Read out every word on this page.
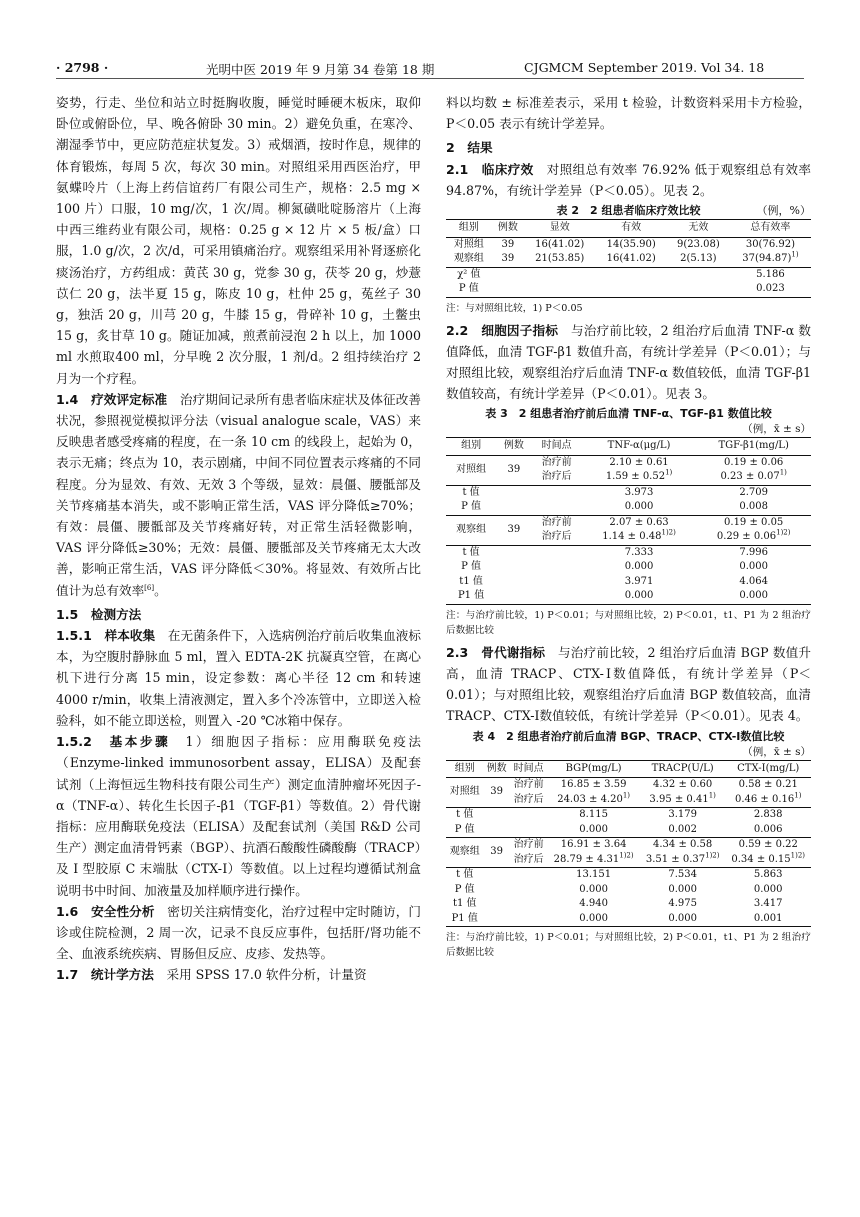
· 2798 ·	光明中医 2019 年 9 月第 34 卷第 18 期	CJGMCM September 2019. Vol 34. 18

姿势，行走、坐位和站立时挺胸收腹，睡觉时睡硬木板床，取仰卧位或俯卧位，早、晚各俯卧 30 min。2）避免负重，在寒冷、潮湿季节中，更应防范症状复发。3）戒烟酒，按时作息，规律的体育锻炼，每周 5 次，每次 30 min。对照组采用西医治疗，甲氨蝶呤片（上海上药信谊药厂有限公司生产，规格：2.5 mg × 100 片）口服，10 mg/次，1 次/周。柳氮磺吡啶肠溶片（上海中西三维药业有限公司，规格：0.25 g × 12 片 × 5 板/盒）口服，1.0 g/次，2 次/d，可采用镇痛治疗。观察组采用补肾逐瘀化痰汤治疗，方药组成：黄芪 30 g，党参 30 g，茯苓 20 g，炒薏苡仁 20 g，法半夏 15 g，陈皮 10 g，杜仲 25 g，菟丝子 30 g，独活 20 g，川芎 20 g，牛膝 15 g，骨碎补 10 g，土鳖虫 15 g，炙甘草 10 g。随证加减，煎煮前浸泡 2 h 以上，加 1000 ml 水煎取400 ml，分早晚 2 次分服，1 剂/d。2 组持续治疗 2 月为一个疗程。

1.4　疗效评定标准　治疗期间记录所有患者临床症状及体征改善状况，参照视觉模拟评分法（visual analogue scale，VAS）来反映患者感受疼痛的程度，在一条 10 cm 的线段上，起始为 0，表示无痛；终点为 10，表示剧痛，中间不同位置表示疼痛的不同程度。分为显效、有效、无效 3 个等级，显效：晨僵、腰骶部及关节疼痛基本消失，或不影响正常生活，VAS 评分降低≥70%；有效：晨僵、腰骶部及关节疼痛好转，对正常生活轻微影响，VAS 评分降低≥30%；无效：晨僵、腰骶部及关节疼痛无太大改善，影响正常生活，VAS 评分降低＜30%。将显效、有效所占比值计为总有效率[6]。

1.5　检测方法

1.5.1　样本收集　在无菌条件下，入选病例治疗前后收集血液标本，为空腹肘静脉血 5 ml，置入 EDTA-2K 抗凝真空管，在离心机下进行分离 15 min，设定参数：离心半径 12 cm 和转速 4000 r/min，收集上清液测定，置入多个冷冻管中，立即送入检验科，如不能立即送检，则置入 -20 ℃冰箱中保存。

1.5.2　基本步骤　1）细胞因子指标：应用酶联免疫法（Enzyme-linked immunosorbent assay，ELISA）及配套试剂（上海恒远生物科技有限公司生产）测定血清肿瘤坏死因子-α（TNF-α）、转化生长因子-β1（TGF-β1）等数值。2）骨代谢指标：应用酶联免疫法（ELISA）及配套试剂（美国 R&D 公司生产）测定血清骨钙素（BGP）、抗酒石酸酸性磷酸酶（TRACP）及 I 型胶原 C 末端肽（CTX-Ⅰ）等数值。以上过程均遵循试剂盒说明书中时间、加液量及加样顺序进行操作。

1.6　安全性分析　密切关注病情变化，治疗过程中定时随访，门诊或住院检测，2 周一次，记录不良反应事件，包括肝/肾功能不全、血液系统疾病、胃肠但反应、皮疹、发热等。

1.7　统计学方法　采用 SPSS 17.0 软件分析，计量资

料以均数 ± 标准差表示，采用 t 检验，计数资料采用卡方检验，P＜0.05 表示有统计学差异。

2　结果

2.1　临床疗效　对照组总有效率 76.92% 低于观察组总有效率 94.87%，有统计学差异（P＜0.05）。见表 2。

表 2　2 组患者临床疗效比较	（例，%）
组别	例数	显效	有效	无效	总有效率
对照组	39	16(41.02)	14(35.90)	9(23.08)	30(76.92)
观察组	39	21(53.85)	16(41.02)	2(5.13)	$37(94.87)^{1)}$
χ² 值					5.186
P 值					0.023

注：与对照组比较，1) P＜0.05

2.2　细胞因子指标　与治疗前比较，2 组治疗后血清 TNF-α 数值降低，血清 TGF-β1 数值升高，有统计学差异（P＜0.01）；与对照组比较，观察组治疗后血清 TNF-α 数值较低，血清 TGF-β1 数值较高，有统计学差异（P＜0.01）。见表 3。

表 3　2 组患者治疗前后血清 TNF-α、TGF-β1 数值比较
（例，x̄ ± s）
组别	例数	时间点	TNF-α(μg/L)	TGF-β1(mg/L)
对照组	39	治疗前	2.10 ± 0.61	0.19 ± 0.06
		治疗后	$1.59 \pm 0.52^{1)}$	$0.23 \pm 0.07^{1)}$
t 值			3.973	2.709
P 值			0.000	0.008
观察组	39	治疗前	2.07 ± 0.63	0.19 ± 0.05
		治疗后	$1.14 \pm 0.48^{1)2)}$	$0.29 \pm 0.06^{1)2)}$
t 值			7.333	7.996
P 值			0.000	0.000
t1 值			3.971	4.064
P1 值			0.000	0.000

注：与治疗前比较，1) P＜0.01；与对照组比较，2) P＜0.01，t1、P1 为 2 组治疗后数据比较

2.3　骨代谢指标　与治疗前比较，2 组治疗后血清 BGP 数值升高，血清 TRACP、CTX-Ⅰ数值降低，有统计学差异（P＜0.01）；与对照组比较，观察组治疗后血清 BGP 数值较高，血清 TRACP、CTX-Ⅰ数值较低，有统计学差异（P＜0.01）。见表 4。

表 4　2 组患者治疗前后血清 BGP、TRACP、CTX-Ⅰ数值比较
（例，x̄ ± s）
组别	例数	时间点	BGP(mg/L)	TRACP(U/L)	CTX-Ⅰ(mg/L)
对照组	39	治疗前	16.85 ± 3.59	4.32 ± 0.60	0.58 ± 0.21
		治疗后	$24.03 \pm 4.20^{1)}$	$3.95 \pm 0.41^{1)}$	$0.46 \pm 0.16^{1)}$
t 值			8.115	3.179	2.838
P 值			0.000	0.002	0.006
观察组	39	治疗前	16.91 ± 3.64	4.34 ± 0.58	0.59 ± 0.22
		治疗后	$28.79 \pm 4.31^{1)2)}$	$3.51 \pm 0.37^{1)2)}$	$0.34 \pm 0.15^{1)2)}$
t 值			13.151	7.534	5.863
P 值			0.000	0.000	0.000
t1 值			4.940	4.975	3.417
P1 值			0.000	0.000	0.001

注：与治疗前比较，1) P＜0.01；与对照组比较，2) P＜0.01，t1、P1 为 2 组治疗后数据比较
